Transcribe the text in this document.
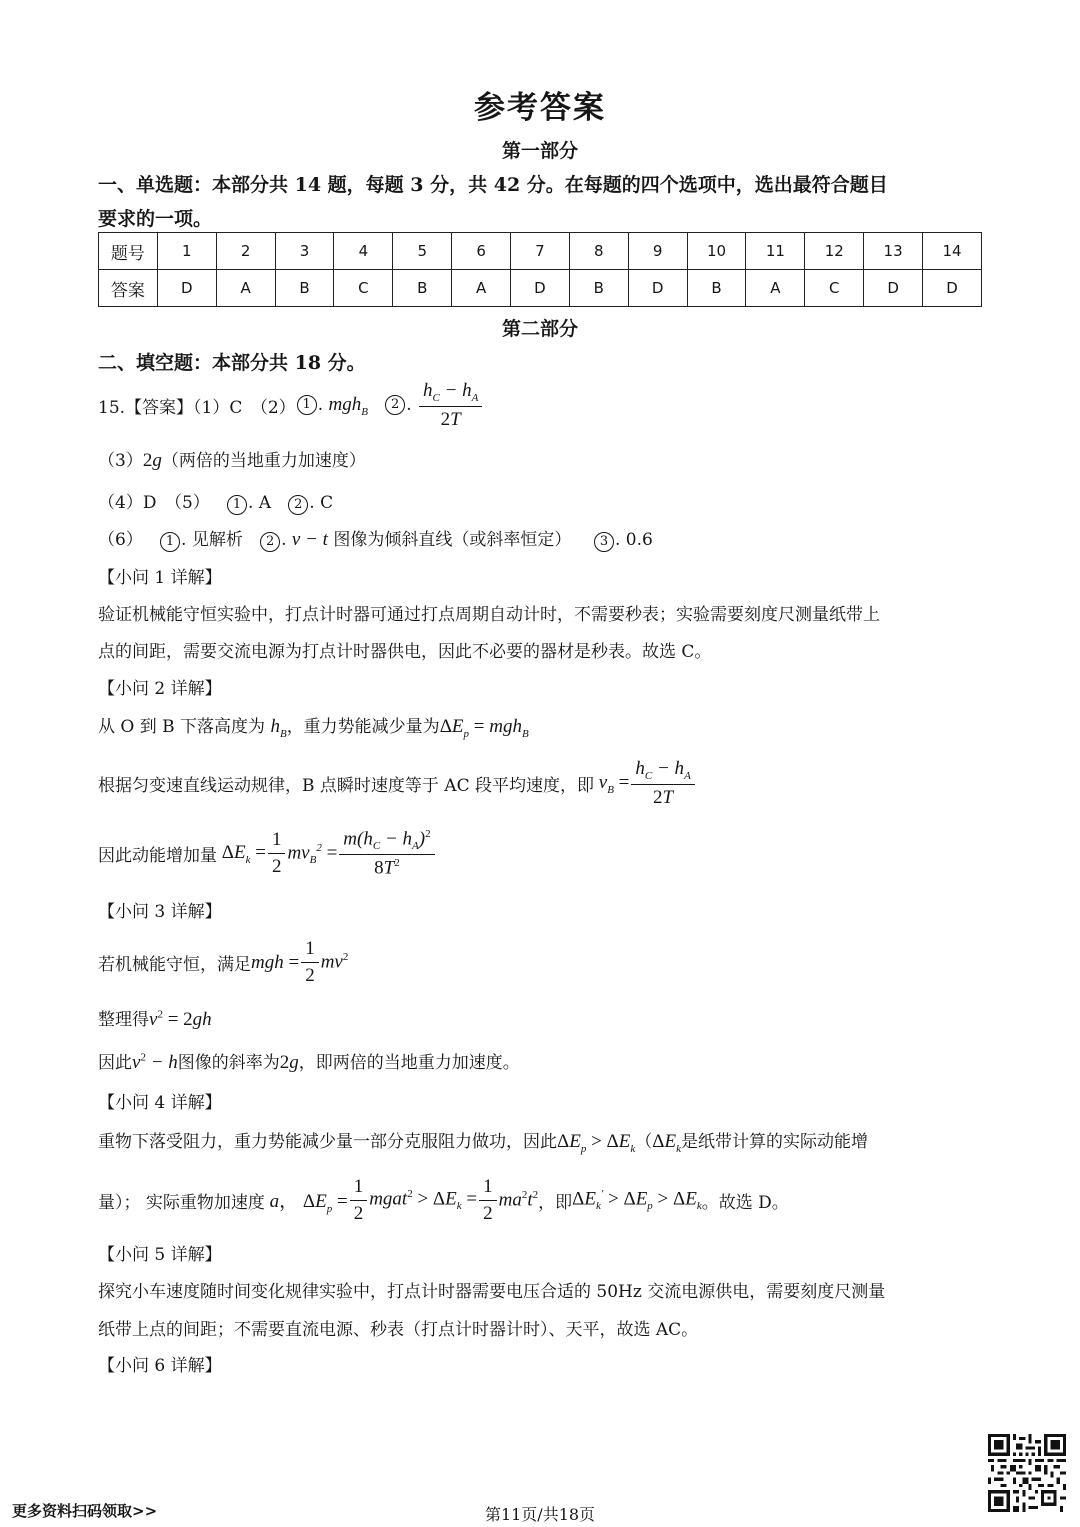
参考答案
第一部分
一、单选题：本部分共 14 题，每题 3 分，共 42 分。在每题的四个选项中，选出最符合题目
要求的一项。
题号	1	2	3	4	5	6	7	8	9	10	11	12	13	14
答案	D	A	B	C	B	A	D	B	D	B	A	C	D	D
第二部分
二、填空题：本部分共 18 分。
15.【答案】（1）C　（2） 1 . mgh$_B$
	2 . $\frac{h_C - h_A}{2T}$
（3）2g（两倍的当地重力加速度）
（4）D　（5） 1 . A 2 . C
（6） 1 . 见解析 2 . v − t 图像为倾斜直线（或斜率恒定） 3 . 0.6
【小问 1 详解】
验证机械能守恒实验中，打点计时器可通过打点周期自动计时，不需要秒表；实验需要刻度尺测量纸带上
点的间距，需要交流电源为打点计时器供电，因此不必要的器材是秒表。故选 C。
【小问 2 详解】
从 O 到 B 下落高度为 $h_B$，重力势能减少量为$\Delta E_p = mgh_B$
根据匀变速直线运动规律，B 点瞬时速度等于 AC 段平均速度，即 $v_B = \frac{h_C - h_A}{2T}$
因此动能增加量 $\Delta E_k = \frac{1}{2} mv_B^2 = \frac{m(h_C - h_A)^2}{8T^2}$
【小问 3 详解】
若机械能守恒，满足 mgh = $\frac{1}{2} mv^2$
整理得$v^2 = 2gh$
因此$v^2 - h$图像的斜率为2g，即两倍的当地重力加速度。
【小问 4 详解】
重物下落受阻力，重力势能减少量一部分克服阻力做功，因此$\Delta E_p > \Delta E_k(\Delta E_k$是纸带计算的实际动能增
量）； 实际重物加速度 a， $\Delta E_p = \frac{1}{2}$ mgat$^2$ > $\Delta E_k = \frac{1}{2} ma^2t^2$ ，即 $\Delta E_k' > \Delta E_p > \Delta E_k$ 。故选 D。
【小问 5 详解】
探究小车速度随时间变化规律实验中，打点计时器需要电压合适的 50Hz 交流电源供电，需要刻度尺测量
纸带上点的间距；不需要直流电源、秒表（打点计时器计时）、天平，故选 AC。
【小问 6 详解】
更多资料扫码领取>>	第11页/共18页
